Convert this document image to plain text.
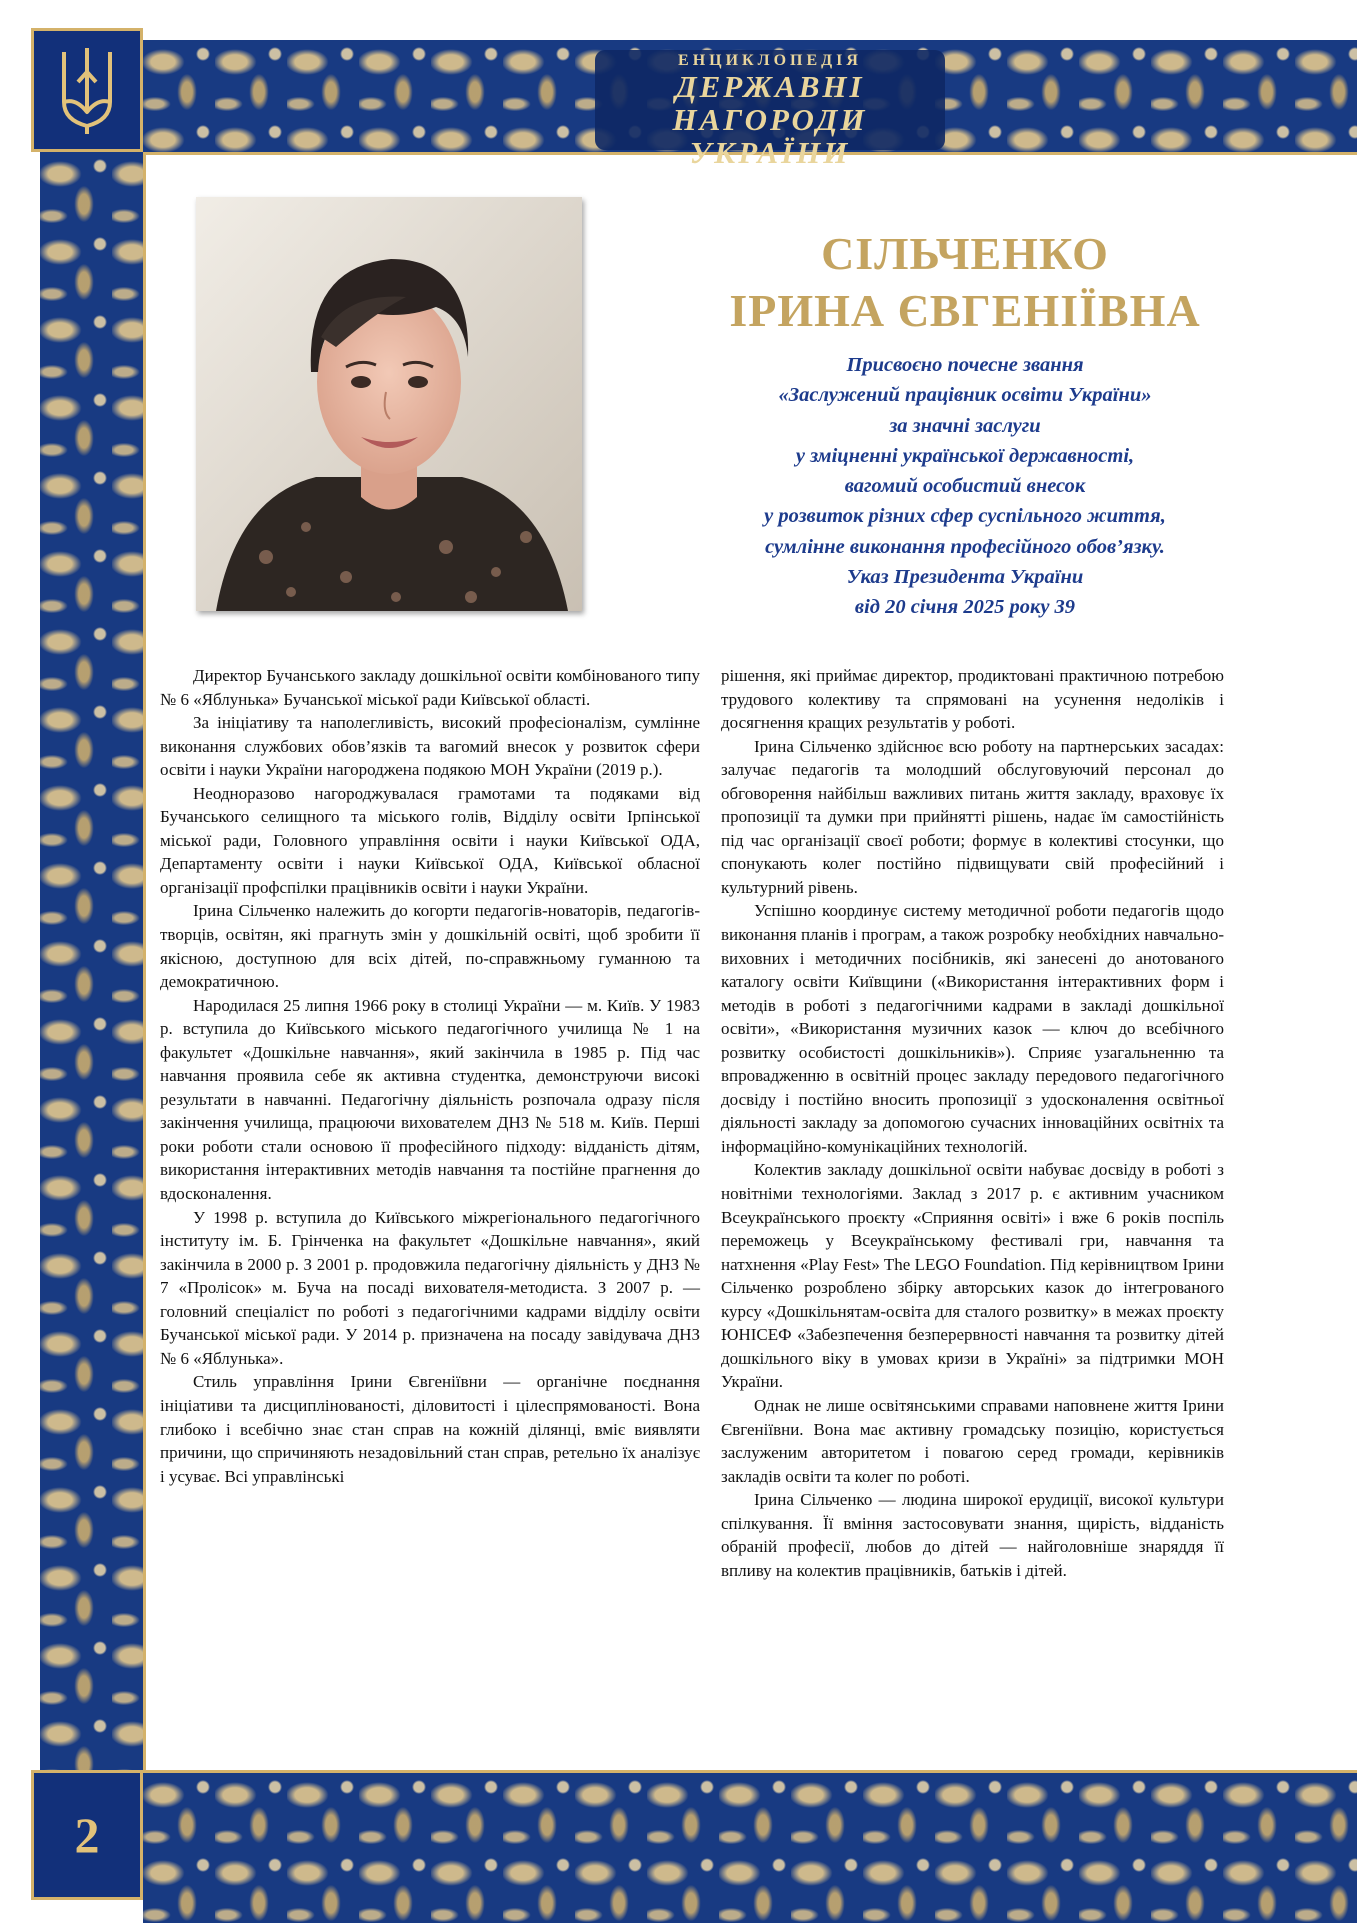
ЕНЦИКЛОПЕДІЯ
ДЕРЖАВНІ НАГОРОДИ
УКРАЇНИ
2
СІЛЬЧЕНКО
ІРИНА ЄВГЕНІЇВНА
Присвоєно почесне звання
«Заслужений працівник освіти України»
за значні заслуги
у зміцненні української державності,
вагомий особистий внесок
у розвиток різних сфер суспільного життя,
сумлінне виконання професійного обов’язку.
Указ Президента України
від 20 січня 2025 року 39

Директор Бучанського закладу дошкільної освіти комбінованого типу № 6 «Яблунька» Бучанської міської ради Київської області.

За ініціативу та наполегливість, високий професіоналізм, сумлінне виконання службових обов’язків та вагомий внесок у розвиток сфери освіти і науки України нагороджена подякою МОН України (2019 р.).

Неодноразово нагороджувалася грамотами та подяками від Бучанського селищного та міського голів, Відділу освіти Ірпінської міської ради, Головного управління освіти і науки Київської ОДА, Департаменту освіти і науки Київської ОДА, Київської обласної організації профспілки працівників освіти і науки України.

Ірина Сільченко належить до когорти педагогів-новаторів, педагогів-творців, освітян, які прагнуть змін у дошкільній освіті, щоб зробити її якісною, доступною для всіх дітей, по-справжньому гуманною та демократичною.

Народилася 25 липня 1966 року в столиці України — м. Київ. У 1983 р. вступила до Київського міського педагогічного училища № 1 на факультет «Дошкільне навчання», який закінчила в 1985 р. Під час навчання проявила себе як активна студентка, демонструючи високі результати в навчанні. Педагогічну діяльність розпочала одразу після закінчення училища, працюючи вихователем ДНЗ № 518 м. Київ. Перші роки роботи стали основою її професійного підходу: відданість дітям, використання інтерактивних методів навчання та постійне прагнення до вдосконалення.

У 1998 р. вступила до Київського міжрегіонального педагогічного інституту ім. Б. Грінченка на факультет «Дошкільне навчання», який закінчила в 2000 р. З 2001 р. продовжила педагогічну діяльність у ДНЗ № 7 «Пролісок» м. Буча на посаді вихователя-методиста. З 2007 р. — головний спеціаліст по роботі з педагогічними кадрами відділу освіти Бучанської міської ради. У 2014 р. призначена на посаду завідувача ДНЗ № 6 «Яблунька».

Стиль управління Ірини Євгеніївни — органічне поєднання ініціативи та дисциплінованості, діловитості і цілеспрямованості. Вона глибоко і всебічно знає стан справ на кожній ділянці, вміє виявляти причини, що спричиняють незадовільний стан справ, ретельно їх аналізує і усуває. Всі управлінські

рішення, які приймає директор, продиктовані практичною потребою трудового колективу та спрямовані на усунення недоліків і досягнення кращих результатів у роботі.

Ірина Сільченко здійснює всю роботу на партнерських засадах: залучає педагогів та молодший обслуговуючий персонал до обговорення найбільш важливих питань життя закладу, враховує їх пропозиції та думки при прийнятті рішень, надає їм самостійність під час організації своєї роботи; формує в колективі стосунки, що спонукають колег постійно підвищувати свій професійний і культурний рівень.

Успішно координує систему методичної роботи педагогів щодо виконання планів і програм, а також розробку необхідних навчально-виховних і методичних посібників, які занесені до анотованого каталогу освіти Київщини («Використання інтерактивних форм і методів в роботі з педагогічними кадрами в закладі дошкільної освіти», «Використання музичних казок — ключ до всебічного розвитку особистості дошкільників»). Сприяє узагальненню та впровадженню в освітній процес закладу передового педагогічного досвіду і постійно вносить пропозиції з удосконалення освітньої діяльності закладу за допомогою сучасних інноваційних освітніх та інформаційно-комунікаційних технологій.

Колектив закладу дошкільної освіти набуває досвіду в роботі з новітніми технологіями. Заклад з 2017 р. є активним учасником Всеукраїнського проєкту «Сприяння освіті» і вже 6 років поспіль переможець у Всеукраїнському фестивалі гри, навчання та натхнення «Play Fest» The LEGO Foundation. Під керівництвом Ірини Сільченко розроблено збірку авторських казок до інтегрованого курсу «Дошкільнятам-освіта для сталого розвитку» в межах проєкту ЮНІСЕФ «Забезпечення безперервності навчання та розвитку дітей дошкільного віку в умовах кризи в Україні» за підтримки МОН України.

Однак не лише освітянськими справами наповнене життя Ірини Євгеніївни. Вона має активну громадську позицію, користується заслуженим авторитетом і повагою серед громади, керівників закладів освіти та колег по роботі.

Ірина Сільченко — людина широкої ерудиції, високої культури спілкування. Її вміння застосовувати знання, щирість, відданість обраній професії, любов до дітей — найголовніше знаряддя її впливу на колектив працівників, батьків і дітей.
